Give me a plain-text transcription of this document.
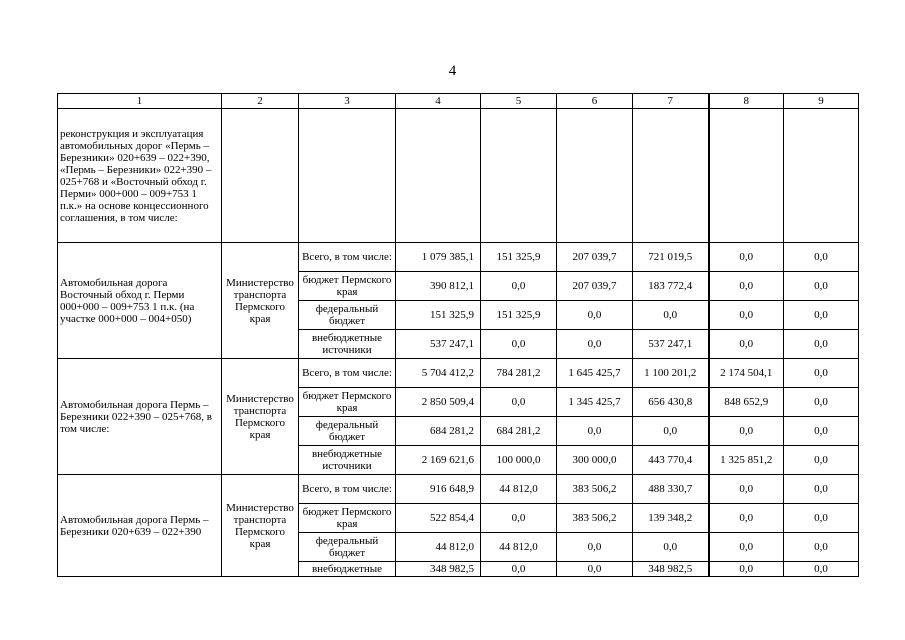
4
1	2	3	4	5	6	7	8	9
реконструкция и эксплуатация автомобильных дорог «Пермь – Березники» 020+639 – 022+390, «Пермь – Березники» 022+390 – 025+768 и «Восточный обход г. Перми» 000+000 – 009+753 1 п.к.» на основе концессионного соглашения, в том числе:								
Автомобильная дорога Восточный обход г. Перми 000+000 – 009+753 1 п.к. (на участке 000+000 – 004+050)	Министерство транспорта Пермского края	Всего, в том числе:	1 079 385,1	151 325,9	207 039,7	721 019,5	0,0	0,0
		бюджет Пермского края	390 812,1	0,0	207 039,7	183 772,4	0,0	0,0
		федеральный бюджет	151 325,9	151 325,9	0,0	0,0	0,0	0,0
		внебюджетные источники	537 247,1	0,0	0,0	537 247,1	0,0	0,0
Автомобильная дорога Пермь – Березники 022+390 – 025+768, в том числе:	Министерство транспорта Пермского края	Всего, в том числе:	5 704 412,2	784 281,2	1 645 425,7	1 100 201,2	2 174 504,1	0,0
		бюджет Пермского края	2 850 509,4	0,0	1 345 425,7	656 430,8	848 652,9	0,0
		федеральный бюджет	684 281,2	684 281,2	0,0	0,0	0,0	0,0
		внебюджетные источники	2 169 621,6	100 000,0	300 000,0	443 770,4	1 325 851,2	0,0
Автомобильная дорога Пермь – Березники 020+639 – 022+390	Министерство транспорта Пермского края	Всего, в том числе:	916 648,9	44 812,0	383 506,2	488 330,7	0,0	0,0
		бюджет Пермского края	522 854,4	0,0	383 506,2	139 348,2	0,0	0,0
		федеральный бюджет	44 812,0	44 812,0	0,0	0,0	0,0	0,0
		внебюджетные	348 982,5	0,0	0,0	348 982,5	0,0	0,0
